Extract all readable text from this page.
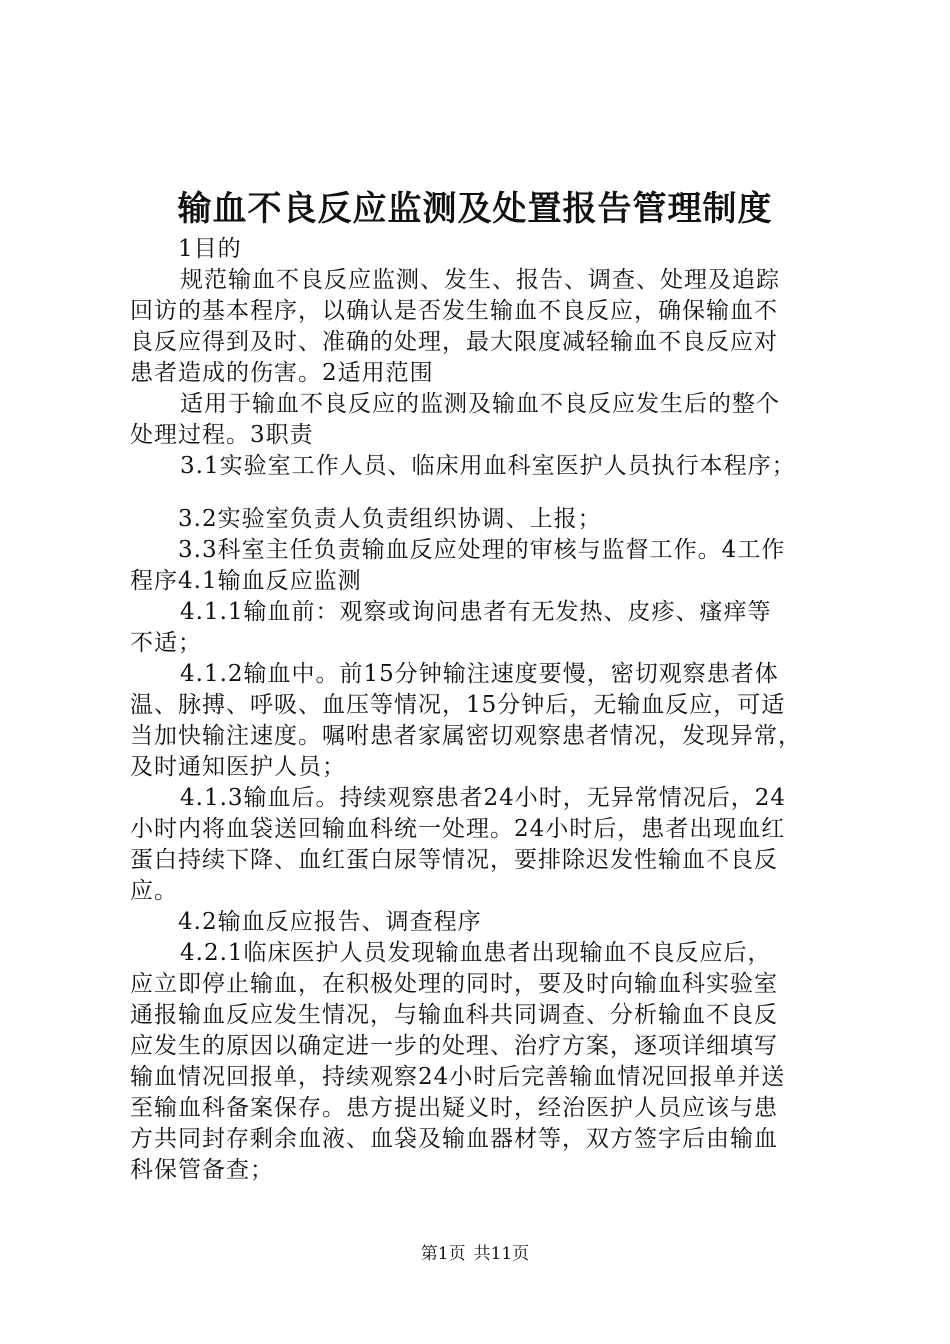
输血不良反应监测及处置报告管理制度
1目的
规范输血不良反应监测、发生、报告、调查、处理及追踪
回访的基本程序，以确认是否发生输血不良反应，确保输血不
良反应得到及时、准确的处理，最大限度减轻输血不良反应对
患者造成的伤害。2适用范围
适用于输血不良反应的监测及输血不良反应发生后的整个
处理过程。3职责
3.1实验室工作人员、临床用血科室医护人员执行本程序；
3.2实验室负责人负责组织协调、上报；
3.3科室主任负责输血反应处理的审核与监督工作。4工作
程序4.1输血反应监测
4.1.1输血前：观察或询问患者有无发热、皮疹、瘙痒等
不适；
4.1.2输血中。前15分钟输注速度要慢，密切观察患者体
温、脉搏、呼吸、血压等情况，15分钟后，无输血反应，可适
当加快输注速度。嘱咐患者家属密切观察患者情况，发现异常，
及时通知医护人员；
4.1.3输血后。持续观察患者24小时，无异常情况后，24
小时内将血袋送回输血科统一处理。24小时后，患者出现血红
蛋白持续下降、血红蛋白尿等情况，要排除迟发性输血不良反
应。
4.2输血反应报告、调查程序
4.2.1临床医护人员发现输血患者出现输血不良反应后，
应立即停止输血，在积极处理的同时，要及时向输血科实验室
通报输血反应发生情况，与输血科共同调查、分析输血不良反
应发生的原因以确定进一步的处理、治疗方案，逐项详细填写
输血情况回报单，持续观察24小时后完善输血情况回报单并送
至输血科备案保存。患方提出疑义时，经治医护人员应该与患
方共同封存剩余血液、血袋及输血器材等，双方签字后由输血
科保管备查；
第1页 共11页
